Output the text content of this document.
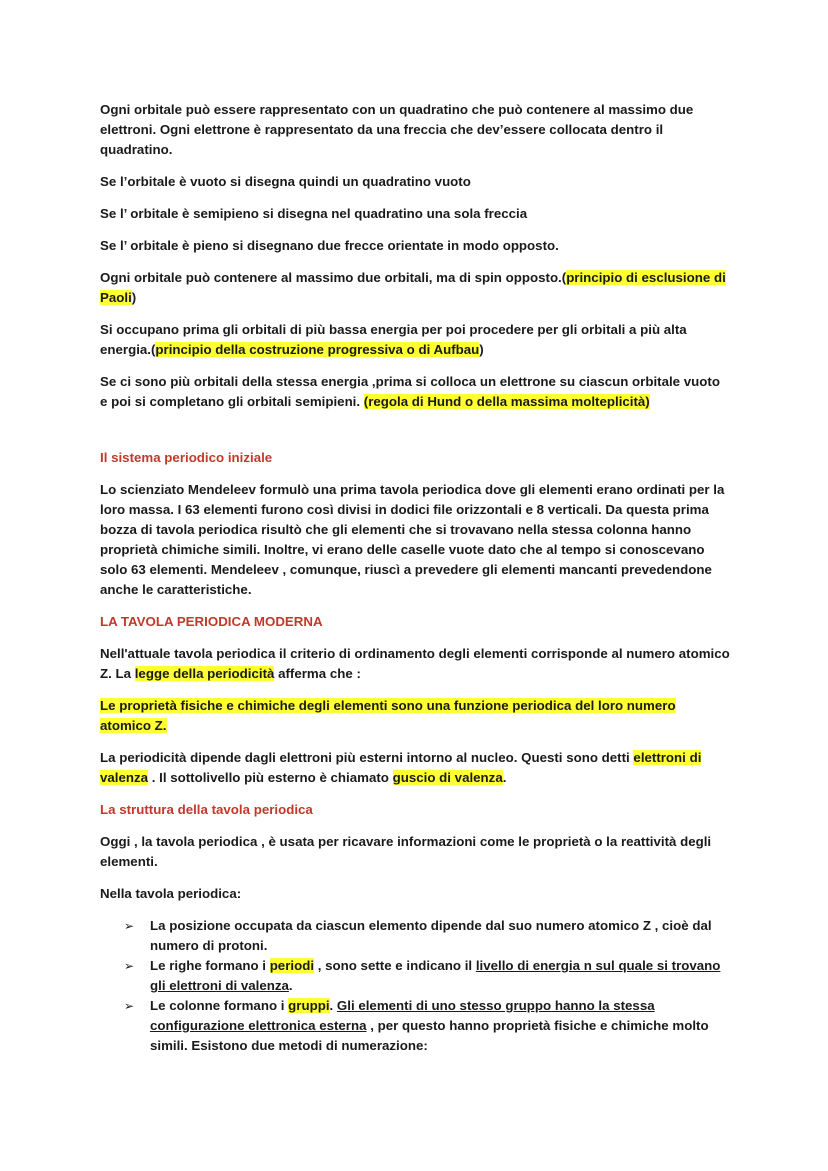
Ogni orbitale può essere rappresentato con un quadratino che può contenere al massimo due elettroni. Ogni elettrone è rappresentato da una freccia che dev’essere collocata dentro il quadratino.

Se l’orbitale è vuoto si disegna quindi un quadratino vuoto

Se l’ orbitale è semipieno si disegna nel quadratino una sola freccia

Se l’ orbitale è pieno si disegnano due frecce orientate in modo opposto.

Ogni orbitale può contenere al massimo due orbitali, ma di spin opposto.(principio di esclusione di Paoli)

Si occupano prima gli orbitali di più bassa energia per poi procedere per gli orbitali a più alta energia.(principio della costruzione progressiva o di Aufbau)

Se ci sono più orbitali della stessa energia ,prima si colloca un elettrone su ciascun orbitale vuoto e poi si completano gli orbitali semipieni. (regola di Hund o della massima molteplicità)

Il sistema periodico iniziale

Lo scienziato Mendeleev formulò una prima tavola periodica dove gli elementi erano ordinati per la loro massa. I 63 elementi furono così divisi in dodici file orizzontali e 8 verticali. Da questa prima bozza di tavola periodica risultò che gli elementi che si trovavano nella stessa colonna hanno proprietà chimiche simili. Inoltre, vi erano delle caselle vuote dato che al tempo si conoscevano solo 63 elementi. Mendeleev , comunque, riuscì a prevedere gli elementi mancanti prevedendone anche le caratteristiche.

LA TAVOLA PERIODICA MODERNA

Nell'attuale tavola periodica il criterio di ordinamento degli elementi corrisponde al numero atomico Z. La legge della periodicità afferma che :

Le proprietà fisiche e chimiche degli elementi sono una funzione periodica del loro numero atomico Z.

La periodicità dipende dagli elettroni più esterni intorno al nucleo. Questi sono detti elettroni di valenza . Il sottolivello più esterno è chiamato guscio di valenza.

La struttura della tavola periodica

Oggi , la tavola periodica , è usata per ricavare informazioni come le proprietà o la reattività degli elementi.

Nella tavola periodica:

➢ La posizione occupata da ciascun elemento dipende dal suo numero atomico Z , cioè dal numero di protoni.
➢ Le righe formano i periodi , sono sette e indicano il livello di energia n sul quale si trovano gli elettroni di valenza.
➢ Le colonne formano i gruppi. Gli elementi di uno stesso gruppo hanno la stessa configurazione elettronica esterna , per questo hanno proprietà fisiche e chimiche molto simili. Esistono due metodi di numerazione:
